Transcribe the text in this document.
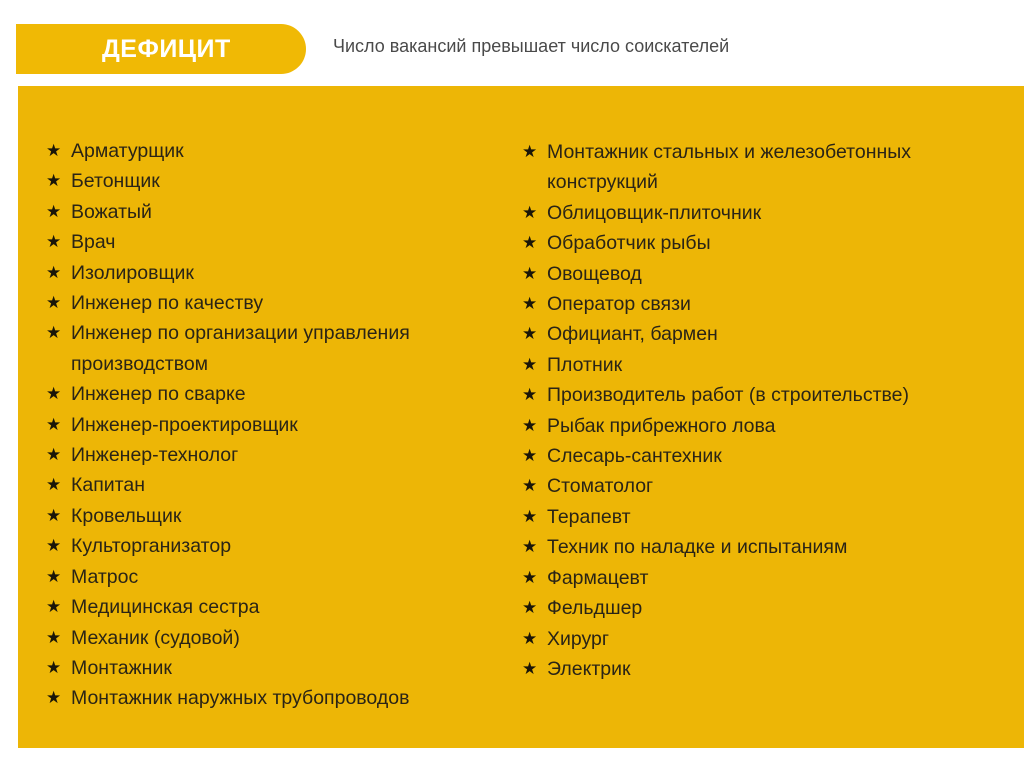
ДЕФИЦИТ	Число вакансий превышает число соискателей
★ Арматурщик
★ Бетонщик
★ Вожатый
★ Врач
★ Изолировщик
★ Инженер по качеству
★ Инженер по организации управления производством
★ Инженер по сварке
★ Инженер-проектировщик
★ Инженер-технолог
★ Капитан
★ Кровельщик
★ Культорганизатор
★ Матрос
★ Медицинская сестра
★ Механик (судовой)
★ Монтажник
★ Монтажник наружных трубопроводов
★ Монтажник стальных и железобетонных конструкций
★ Облицовщик-плиточник
★ Обработчик рыбы
★ Овощевод
★ Оператор связи
★ Официант, бармен
★ Плотник
★ Производитель работ (в строительстве)
★ Рыбак прибрежного лова
★ Слесарь-сантехник
★ Стоматолог
★ Терапевт
★ Техник по наладке и испытаниям
★ Фармацевт
★ Фельдшер
★ Хирург
★ Электрик
